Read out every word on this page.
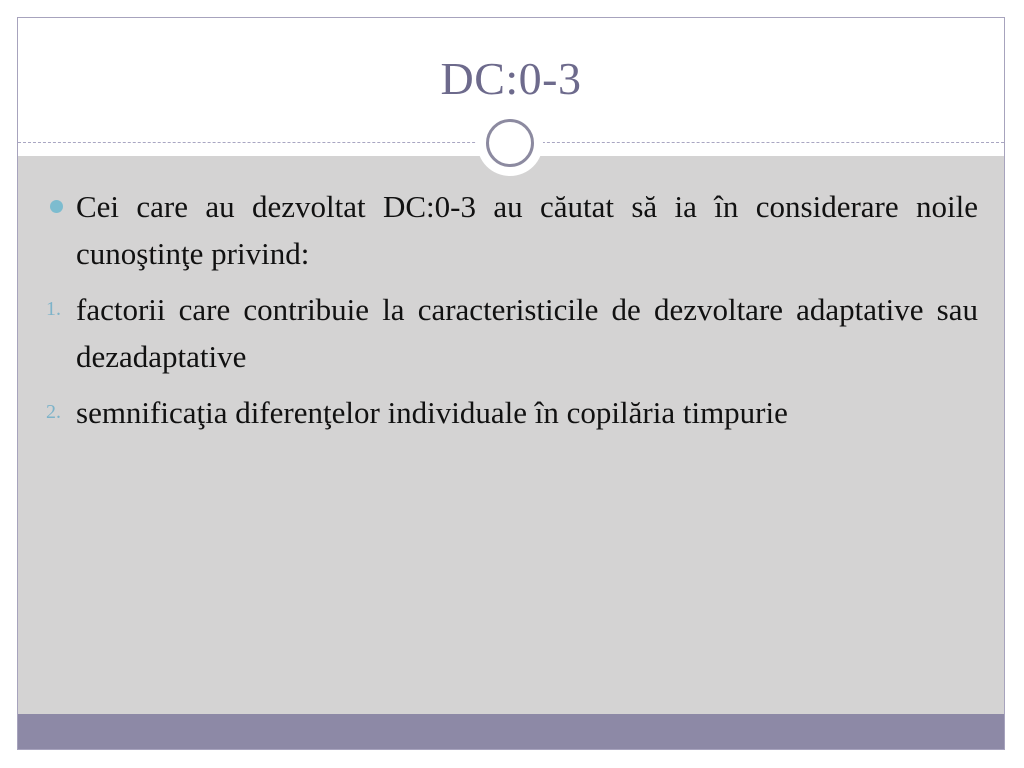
DC:0-3
Cei care au dezvoltat DC:0-3 au căutat să ia în considerare noile cunoştinţe privind:
1. factorii care contribuie la caracteristicile de dezvoltare adaptative sau dezadaptative
2. semnificaţia diferenţelor individuale în copilăria timpurie
